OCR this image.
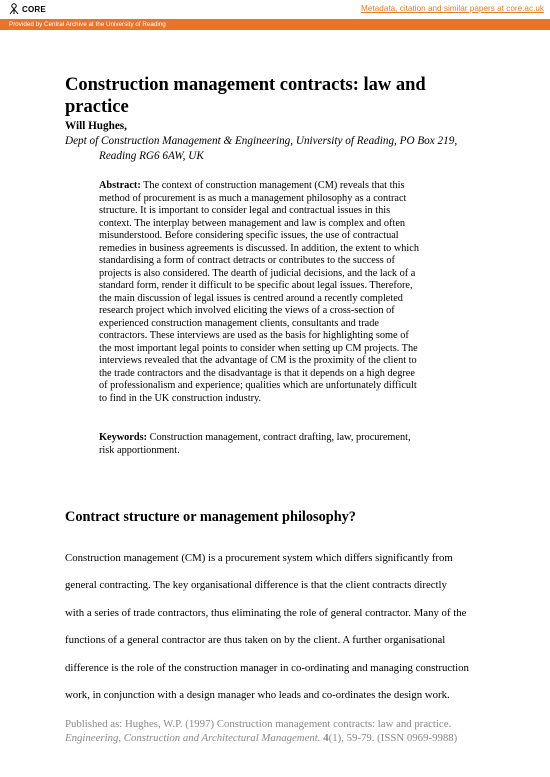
CORE	Metadata, citation and similar papers at core.ac.uk
Provided by Central Archive at the University of Reading
Construction management contracts: law and
practice

Will Hughes,

Dept of Construction Management & Engineering, University of Reading, PO Box 219,
Reading RG6 6AW, UK

Abstract: The context of construction management (CM) reveals that this
method of procurement is as much a management philosophy as a contract
structure. It is important to consider legal and contractual issues in this
context. The interplay between management and law is complex and often
misunderstood. Before considering specific issues, the use of contractual
remedies in business agreements is discussed. In addition, the extent to which
standardising a form of contract detracts or contributes to the success of
projects is also considered. The dearth of judicial decisions, and the lack of a
standard form, render it difficult to be specific about legal issues. Therefore,
the main discussion of legal issues is centred around a recently completed
research project which involved eliciting the views of a cross-section of
experienced construction management clients, consultants and trade
contractors. These interviews are used as the basis for highlighting some of
the most important legal points to consider when setting up CM projects. The
interviews revealed that the advantage of CM is the proximity of the client to
the trade contractors and the disadvantage is that it depends on a high degree
of professionalism and experience; qualities which are unfortunately difficult
to find in the UK construction industry.
Keywords: Construction management, contract drafting, law, procurement,
risk apportionment.
Contract structure or management philosophy?
Construction management (CM) is a procurement system which differs significantly from
general contracting. The key organisational difference is that the client contracts directly
with a series of trade contractors, thus eliminating the role of general contractor. Many of the
functions of a general contractor are thus taken on by the client. A further organisational
difference is the role of the construction manager in co-ordinating and managing construction
work, in conjunction with a design manager who leads and co-ordinates the design work.
Published as: Hughes, W.P. (1997) Construction management contracts: law and practice.
Engineering, Construction and Architectural Management. 4(1), 59-79. (ISSN 0969-9988)
